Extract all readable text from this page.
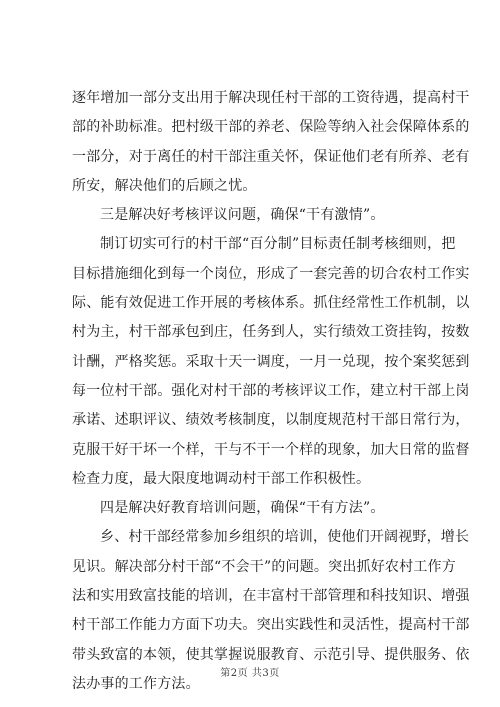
逐年增加一部分支出用于解决现任村干部的工资待遇，提高村干
部的补助标准。把村级干部的养老、保险等纳入社会保障体系的
一部分，对于离任的村干部注重关怀，保证他们老有所养、老有
所安，解决他们的后顾之忧。
三是解决好考核评议问题，确保“干有激情”。
制订切实可行的村干部“百分制”目标责任制考核细则，把
目标措施细化到每一个岗位，形成了一套完善的切合农村工作实
际、能有效促进工作开展的考核体系。抓住经常性工作机制，以
村为主，村干部承包到庄，任务到人，实行绩效工资挂钩，按数
计酬，严格奖惩。采取十天一调度，一月一兑现，按个案奖惩到
每一位村干部。强化对村干部的考核评议工作，建立村干部上岗
承诺、述职评议、绩效考核制度，以制度规范村干部日常行为，
克服干好干坏一个样，干与不干一个样的现象，加大日常的监督
检查力度，最大限度地调动村干部工作积极性。
四是解决好教育培训问题，确保“干有方法”。
乡、村干部经常参加乡组织的培训，使他们开阔视野，增长
见识。解决部分村干部“不会干”的问题。突出抓好农村工作方
法和实用致富技能的培训，在丰富村干部管理和科技知识、增强
村干部工作能力方面下功夫。突出实践性和灵活性，提高村干部
带头致富的本领，使其掌握说服教育、示范引导、提供服务、依
法办事的工作方法。
第2页 共3页
